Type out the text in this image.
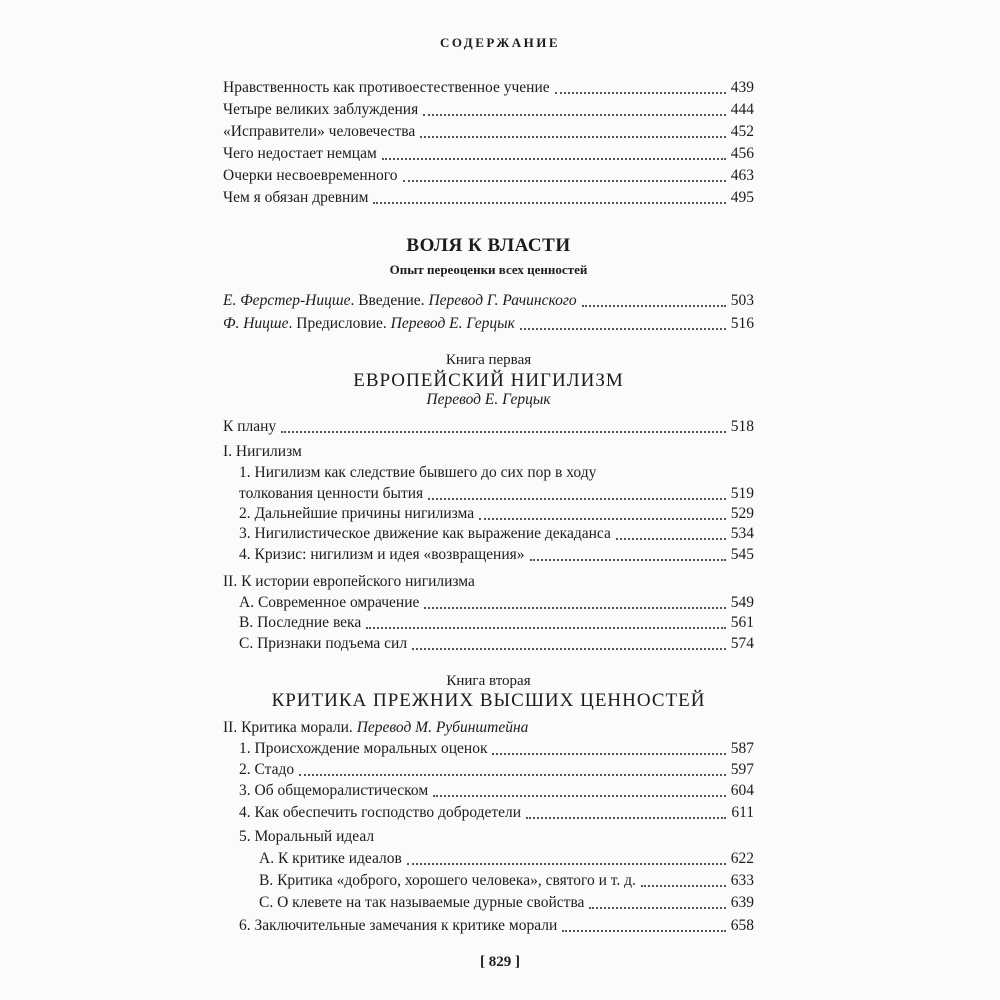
СОДЕРЖАНИЕ
Нравственность как противоестественное учение	439
Четыре великих заблуждения	444
«Исправители» человечества	452
Чего недостает немцам	456
Очерки несвоевременного	463
Чем я обязан древним	495
ВОЛЯ К ВЛАСТИ
Опыт переоценки всех ценностей
Е. Ферстер-Ницше. Введение. Перевод Г. Рачинского	503
Ф. Ницше. Предисловие. Перевод Е. Герцык	516
Книга первая
ЕВРОПЕЙСКИЙ НИГИЛИЗМ
Перевод Е. Герцык
К плану	518
I. Нигилизм
1. Нигилизм как следствие бывшего до сих пор в ходу
толкования ценности бытия	519
2. Дальнейшие причины нигилизма	529
3. Нигилистическое движение как выражение декаданса	534
4. Кризис: нигилизм и идея «возвращения»	545
II. К истории европейского нигилизма
A. Современное омрачение	549
B. Последние века	561
C. Признаки подъема сил	574
Книга вторая
КРИТИКА ПРЕЖНИХ ВЫСШИХ ЦЕННОСТЕЙ
II. Критика морали. Перевод М. Рубинштейна
1. Происхождение моральных оценок	587
2. Стадо	597
3. Об общеморалистическом	604
4. Как обеспечить господство добродетели	611
5. Моральный идеал
A. К критике идеалов	622
B. Критика «доброго, хорошего человека», святого и т. д.	633
C. О клевете на так называемые дурные свойства	639
6. Заключительные замечания к критике морали	658
[ 829 ]
